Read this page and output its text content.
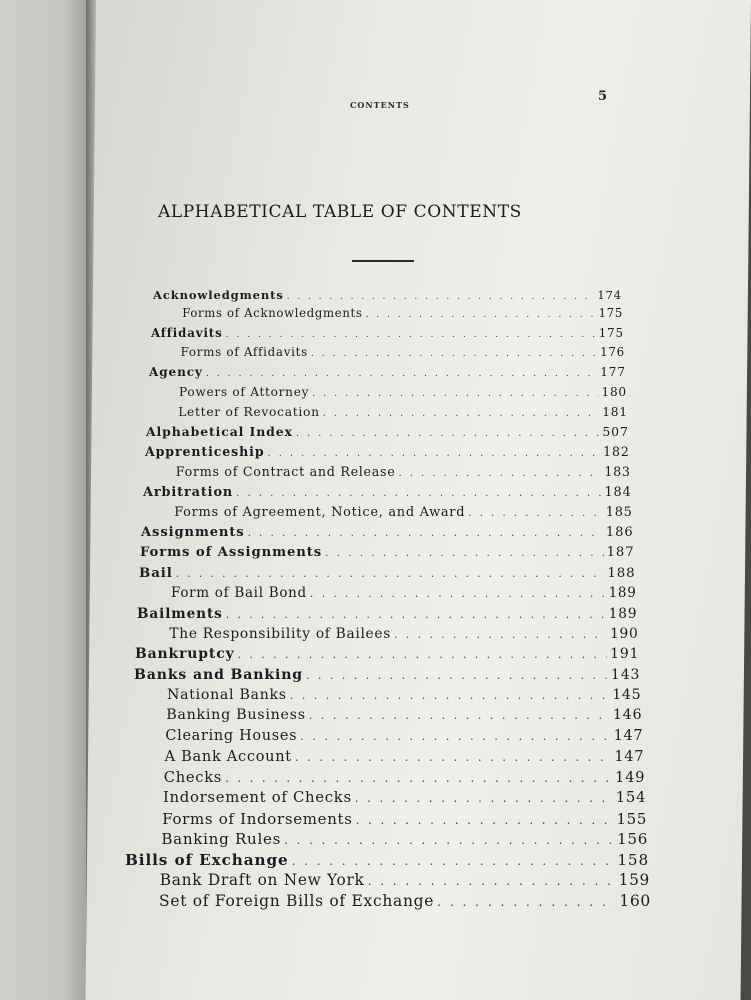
CONTENTS
5
ALPHABETICAL TABLE OF CONTENTS
Acknowledgments . . .	174
Forms of Acknowledgments . . .	175
Affidavits . . .	175
Forms of Affidavits . . .	176
Agency . . .	177
Powers of Attorney . . .	180
Letter of Revocation . . .	181
Alphabetical Index . . .	507
Apprenticeship . . .	182
Forms of Contract and Release . . .	183
Arbitration . . .	184
Forms of Agreement, Notice, and Award . . .	185
Assignments . . .	186
Forms of Assignments . . .	187
Bail . . .	188
Form of Bail Bond . . .	189
Bailments . . .	189
The Responsibility of Bailees . . .	190
Bankruptcy . . .	191
Banks and Banking . . .	143
National Banks . . .	145
Banking Business . . .	146
Clearing Houses . . .	147
A Bank Account . . .	147
Checks . . .	149
Indorsement of Checks . . .	154
Forms of Indorsements . . .	155
Banking Rules . . .	156
Bills of Exchange . . .	158
Bank Draft on New York . . .	159
Set of Foreign Bills of Exchange . . .	160
